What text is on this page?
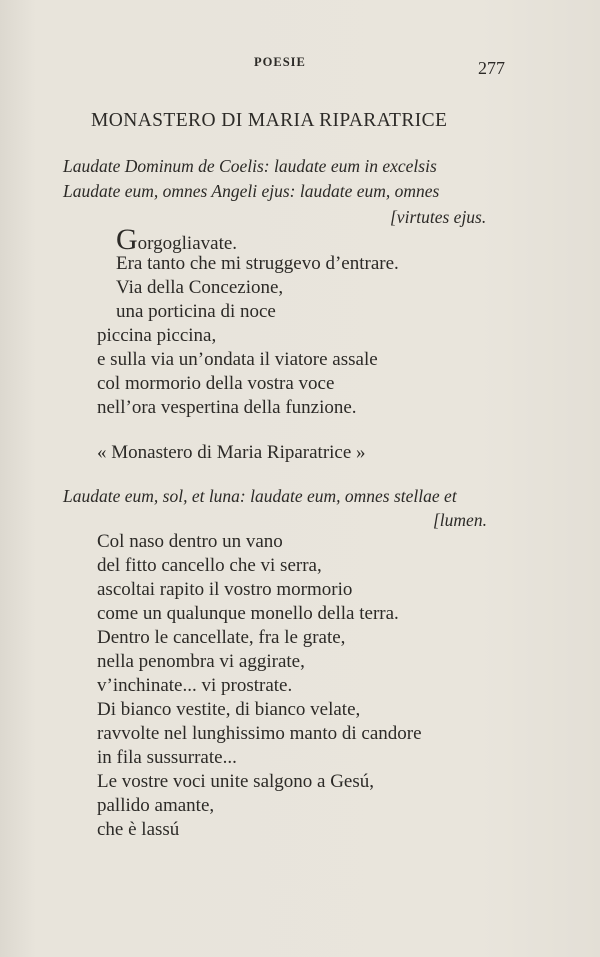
POESIE	277
MONASTERO DI MARIA RIPARATRICE
Laudate Dominum de Coelis: laudate eum in excelsis
Laudate eum, omnes Angeli ejus: laudate eum, omnes
[virtutes ejus.
Gorgogliavate.
Era tanto che mi struggevo d’entrare.
Via della Concezione,
una porticina di noce
piccina piccina,
e sulla via un’ondata il viatore assale
col mormorio della vostra voce
nell’ora vespertina della funzione.
« Monastero di Maria Riparatrice »
Laudate eum, sol, et luna: laudate eum, omnes stellae et
[lumen.
Col naso dentro un vano
del fitto cancello che vi serra,
ascoltai rapito il vostro mormorio
come un qualunque monello della terra.
Dentro le cancellate, fra le grate,
nella penombra vi aggirate,
v’inchinate... vi prostrate.
Di bianco vestite, di bianco velate,
ravvolte nel lunghissimo manto di candore
in fila sussurrate...
Le vostre voci unite salgono a Gesú,
pallido amante,
che è lassú
